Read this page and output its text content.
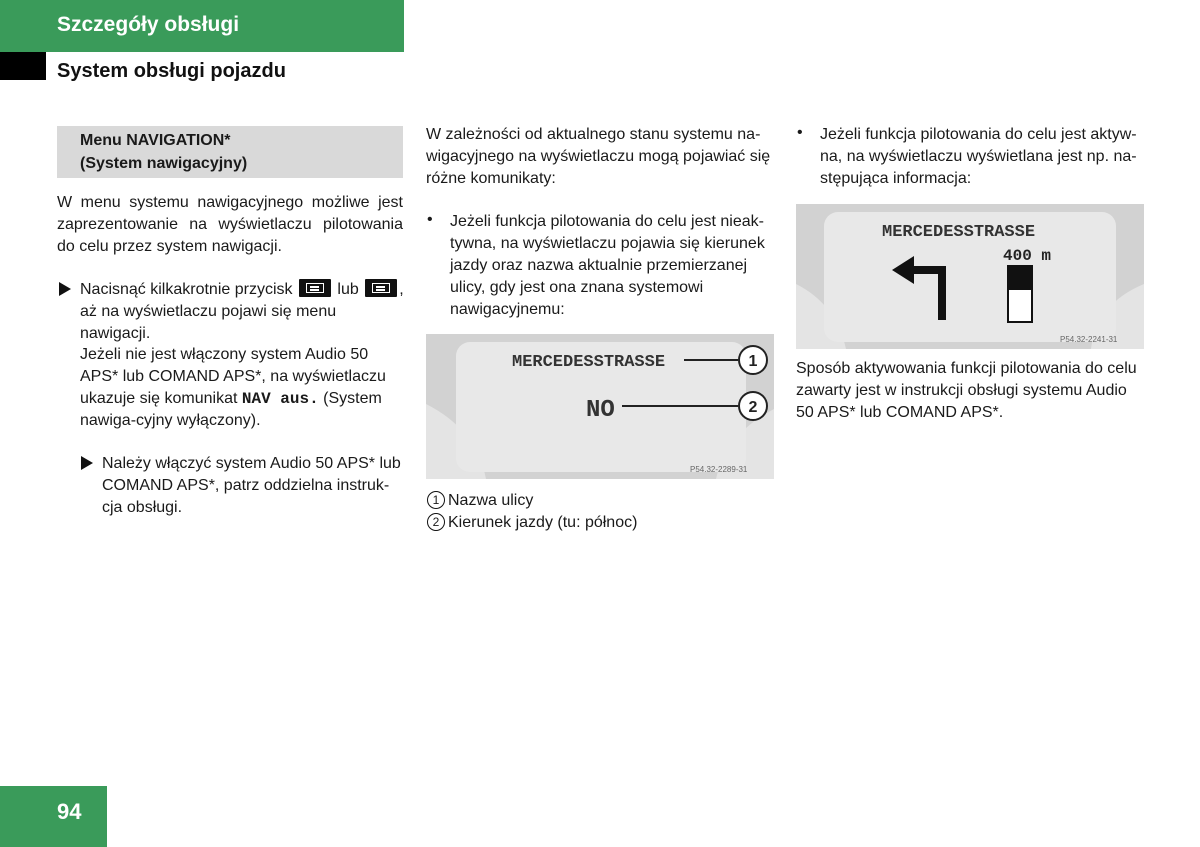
Szczegóły obsługi
System obsługi pojazdu
Menu NAVIGATION*
(System nawigacyjny)
W menu systemu nawigacyjnego możliwe jest zaprezentowanie na wyświetlaczu pilotowania do celu przez system nawigacji.
Nacisnąć kilkakrotnie przycisk	lub	, aż na wyświetlaczu pojawi się menu nawigacji.
Jeżeli nie jest włączony system Audio 50 APS* lub COMAND APS*, na wyświetlaczu ukazuje się komunikat NAV aus. (System nawiga-cyjny wyłączony).
Należy włączyć system Audio 50 APS* lub COMAND APS*, patrz oddzielna instruk-cja obsługi.
W zależności od aktualnego stanu systemu na-wigacyjnego na wyświetlaczu mogą pojawiać się różne komunikaty:
• Jeżeli funkcja pilotowania do celu jest nieak-tywna, na wyświetlaczu pojawia się kierunek jazdy oraz nazwa aktualnie przemierzanej ulicy, gdy jest ona znana systemowi nawigacyjnemu:
MERCEDESSTRASSE	1
NO	2
P54.32-2289-31
1 Nazwa ulicy
2 Kierunek jazdy (tu: północ)
• Jeżeli funkcja pilotowania do celu jest aktyw-na, na wyświetlaczu wyświetlana jest np. na-stępująca informacja:
MERCEDESSTRASSE
400 m
P54.32-2241-31
Sposób aktywowania funkcji pilotowania do celu zawarty jest w instrukcji obsługi systemu Audio 50 APS* lub COMAND APS*.
94
